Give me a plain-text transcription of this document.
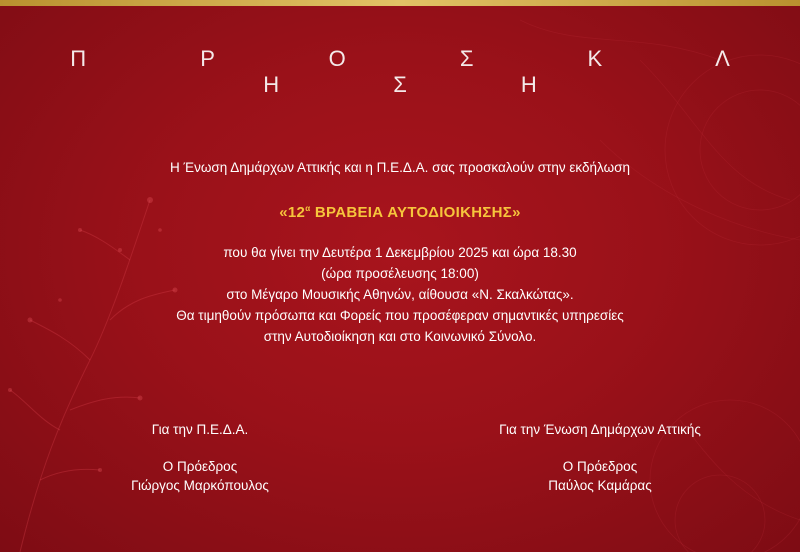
Π Ρ Ο Σ Κ Λ Η Σ Η
Η Ένωση Δημάρχων Αττικής και η Π.Ε.Δ.Α. σας προσκαλούν στην εκδήλωση
«$12^\alpha$ ΒΡΑΒΕΙΑ ΑΥΤΟΔΙΟΙΚΗΣΗΣ»
που θα γίνει την Δευτέρα 1 Δεκεμβρίου 2025 και ώρα 18.30
(ώρα προσέλευσης 18:00)
στο Μέγαρο Μουσικής Αθηνών, αίθουσα «Ν. Σκαλκώτας».
Θα τιμηθούν πρόσωπα και Φορείς που προσέφεραν σημαντικές υπηρεσίες
στην Αυτοδιοίκηση και στο Κοινωνικό Σύνολο.
Για την Π.Ε.Δ.Α.
Ο Πρόεδρος
Γιώργος Μαρκόπουλος
Για την Ένωση Δημάρχων Αττικής
Ο Πρόεδρος
Παύλος Καμάρας
